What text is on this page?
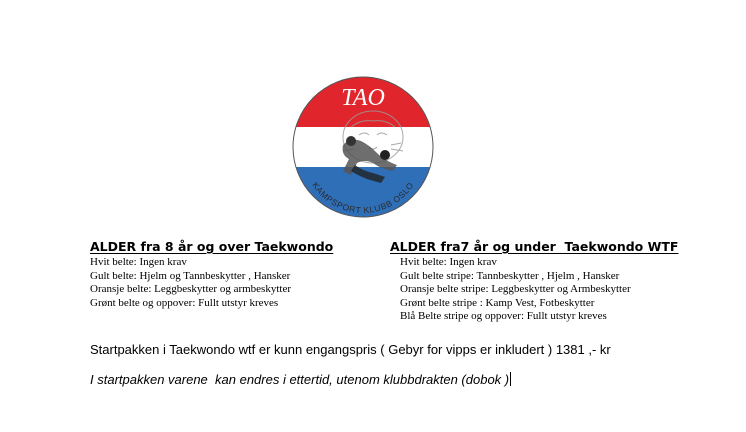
TAO
KAMPSPORT KLUBB OSLO
ALDER fra 8 år og over Taekwondo
Hvit belte: Ingen krav
Gult belte: Hjelm og Tannbeskytter , Hansker
Oransje belte: Leggbeskytter og armbeskytter
Grønt belte og oppover: Fullt utstyr kreves
ALDER fra7 år og under  Taekwondo WTF
Hvit belte: Ingen krav
Gult belte stripe: Tannbeskytter , Hjelm , Hansker
Oransje belte stripe: Leggbeskytter og Armbeskytter
Grønt belte stripe : Kamp Vest, Fotbeskytter
Blå Belte stripe og oppover: Fullt utstyr kreves
Startpakken i Taekwondo wtf er kunn engangspris ( Gebyr for vipps er inkludert ) 1381 ,- kr
I startpakken varene  kan endres i ettertid, utenom klubbdrakten (dobok )
